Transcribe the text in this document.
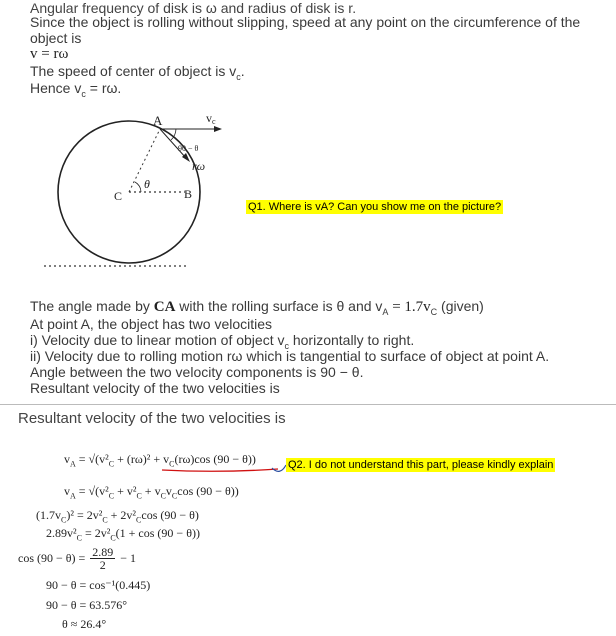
Angular frequency of disk is ω and radius of disk is r.
Since the object is rolling without slipping, speed at any point on the circumference of the
object is
v = rω
The speed of center of object is $v_c$.
Hence $v_c = r\omega$.
A	vc
90 − θ
rω
C
θ
B
Q1. Where is vA? Can you show me on the picture?
The angle made by CA with the rolling surface is θ and $v_A = 1.7v_C$ (given)
At point A, the object has two velocities
i) Velocity due to linear motion of object $v_c$ horizontally to right.
ii) Velocity due to rolling motion rω which is tangential to surface of object at point A.
Angle between the two velocity components is 90 − θ.
Resultant velocity of the two velocities is
Resultant velocity of the two velocities is
$v_A = √(v^2_C + (r\omega)^2 + v_C(r\omega)\cos$ (90 − θ))	Q2. I do not understand this part, please kindly explain
$v_A = √(v^2_C + v^2_C + v_Cv_C\cos$ (90 − θ))
$(1.7v_C)^2 = 2v^2_C + 2v^2_C\cos$ (90 − θ)
$2.89v^2_C = 2v^2_C(1 + \cos (90 - \theta))$
$\cos (90 - \theta) = \frac{2.89}{2} - 1$
90 − θ = cos⁻¹(0.445)
90 − θ = 63.576°
θ ≈ 26.4°
